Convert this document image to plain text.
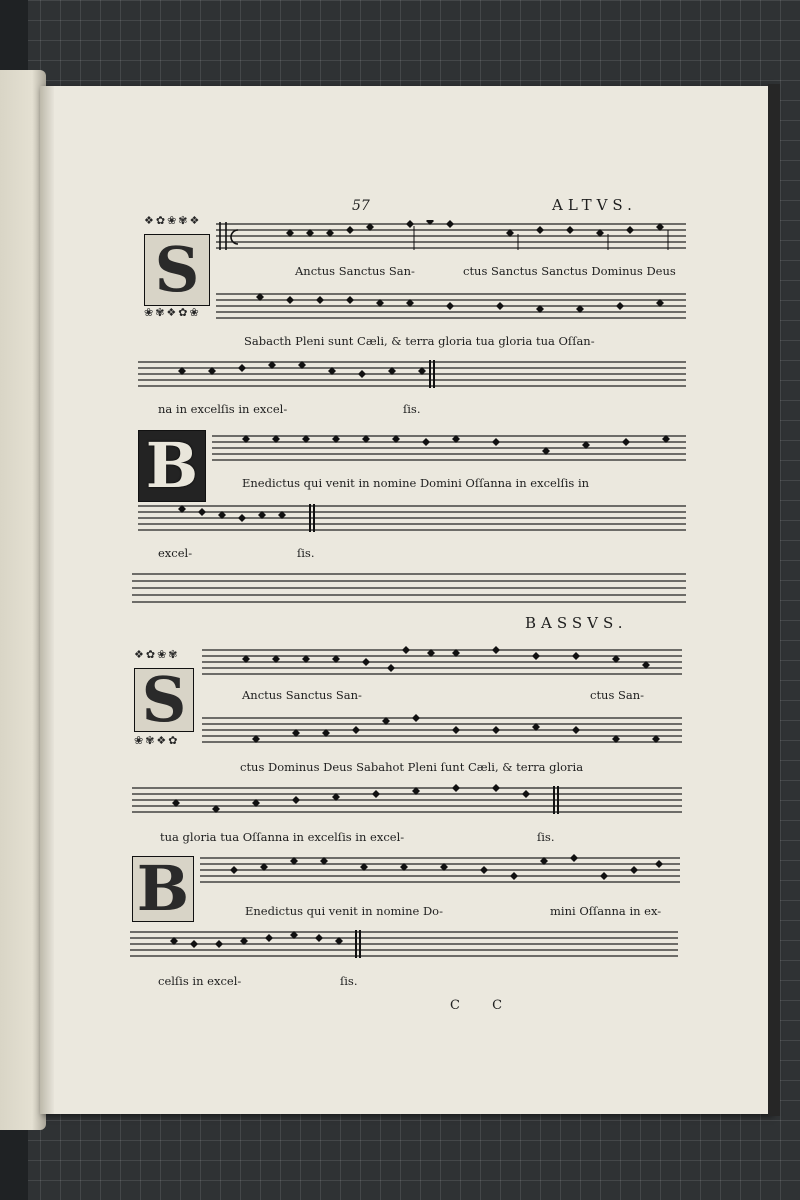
57	ALTVS.
❖✿❀✾❖
S
❀✾❖✿❀
Anctus Sanctus San-	ctus Sanctus Sanctus Dominus Deus
Sabacth Pleni sunt Cæli, & terra gloria tua gloria tua Oſſan-
na in excelſis in excel-	ſis.
B	Enedictus qui venit in nomine Domini Oſſanna in excelſis in
excel-	ſis.
BASSVS.
❖✿❀✾
S
❀✾❖✿
Anctus Sanctus San-	ctus San-
ctus Dominus Deus Sabahot Pleni ſunt Cæli, & terra gloria
tua gloria tua Oſſanna in excelſis in excel-	ſis.
B	Enedictus qui venit in nomine Do-	mini Oſſanna in ex-
celſis in excel-	ſis.
C C
